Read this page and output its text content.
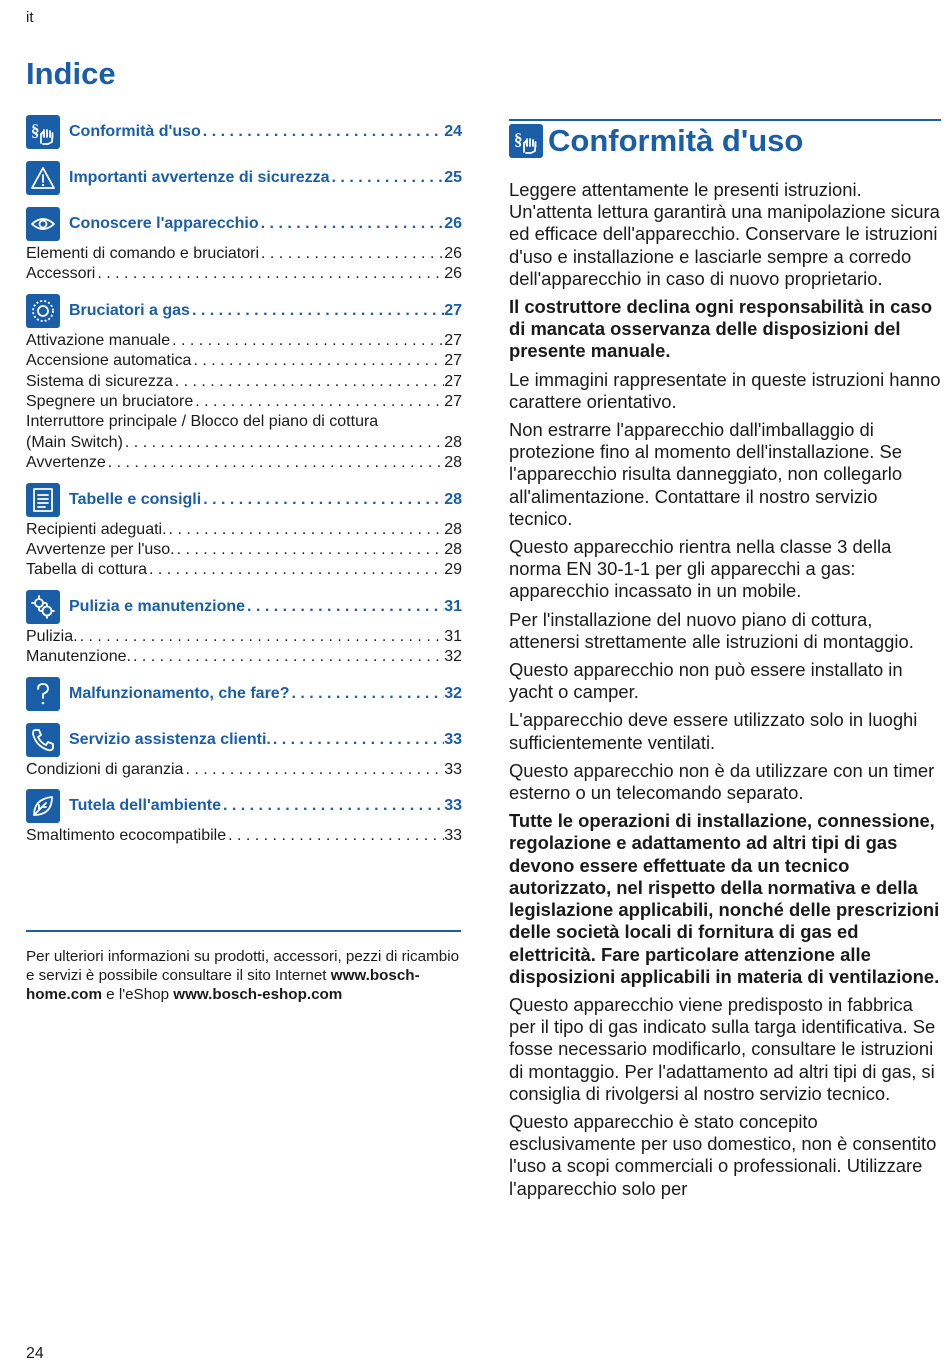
it
Indice
§ Conformità d'uso . . .	24
Importanti avvertenze di sicurezza . . .	25
Conoscere l'apparecchio . . .	26
Elementi di comando e bruciatori . . .	26
Accessori . . .	26
Bruciatori a gas . . .	27
Attivazione manuale . . .	27
Accensione automatica . . .	27
Sistema di sicurezza . . .	27
Spegnere un bruciatore . . .	27
Interruttore principale / Blocco del piano di cottura
(Main Switch) . . .	28
Avvertenze . . .	28
Tabelle e consigli . . .	28
Recipienti adeguati. . . .	28
Avvertenze per l'uso. . . .	28
Tabella di cottura . . .	29
Pulizia e manutenzione . . .	31
Pulizia. . . .	31
Manutenzione. . . .	32
Malfunzionamento, che fare? . . .	32
Servizio assistenza clienti. . . .	33
Condizioni di garanzia . . .	33
Tutela dell'ambiente . . .	33
Smaltimento ecocompatibile . . .	33
Per ulteriori informazioni su prodotti, accessori, pezzi di ricambio e servizi è possibile consultare il sito Internet www.bosch-home.com e l'eShop www.bosch-eshop.com
§ Conformità d'uso

Leggere attentamente le presenti istruzioni. Un'attenta lettura garantirà una manipolazione sicura ed efficace dell'apparecchio. Conservare le istruzioni d'uso e installazione e lasciarle sempre a corredo dell'apparecchio in caso di nuovo proprietario.

Il costruttore declina ogni responsabilità in caso di mancata osservanza delle disposizioni del presente manuale.

Le immagini rappresentate in queste istruzioni hanno carattere orientativo.

Non estrarre l'apparecchio dall'imballaggio di protezione fino al momento dell'installazione. Se l'apparecchio risulta danneggiato, non collegarlo all'alimentazione. Contattare il nostro servizio tecnico.

Questo apparecchio rientra nella classe 3 della norma EN 30-1-1 per gli apparecchi a gas: apparecchio incassato in un mobile.

Per l'installazione del nuovo piano di cottura, attenersi strettamente alle istruzioni di montaggio.

Questo apparecchio non può essere installato in yacht o camper.

L'apparecchio deve essere utilizzato solo in luoghi sufficientemente ventilati.

Questo apparecchio non è da utilizzare con un timer esterno o un telecomando separato.

Tutte le operazioni di installazione, connessione, regolazione e adattamento ad altri tipi di gas devono essere effettuate da un tecnico autorizzato, nel rispetto della normativa e della legislazione applicabili, nonché delle prescrizioni delle società locali di fornitura di gas ed elettricità. Fare particolare attenzione alle disposizioni applicabili in materia di ventilazione.

Questo apparecchio viene predisposto in fabbrica per il tipo di gas indicato sulla targa identificativa. Se fosse necessario modificarlo, consultare le istruzioni di montaggio. Per l'adattamento ad altri tipi di gas, si consiglia di rivolgersi al nostro servizio tecnico.

Questo apparecchio è stato concepito esclusivamente per uso domestico, non è consentito l'uso a scopi commerciali o professionali. Utilizzare l'apparecchio solo per

24
